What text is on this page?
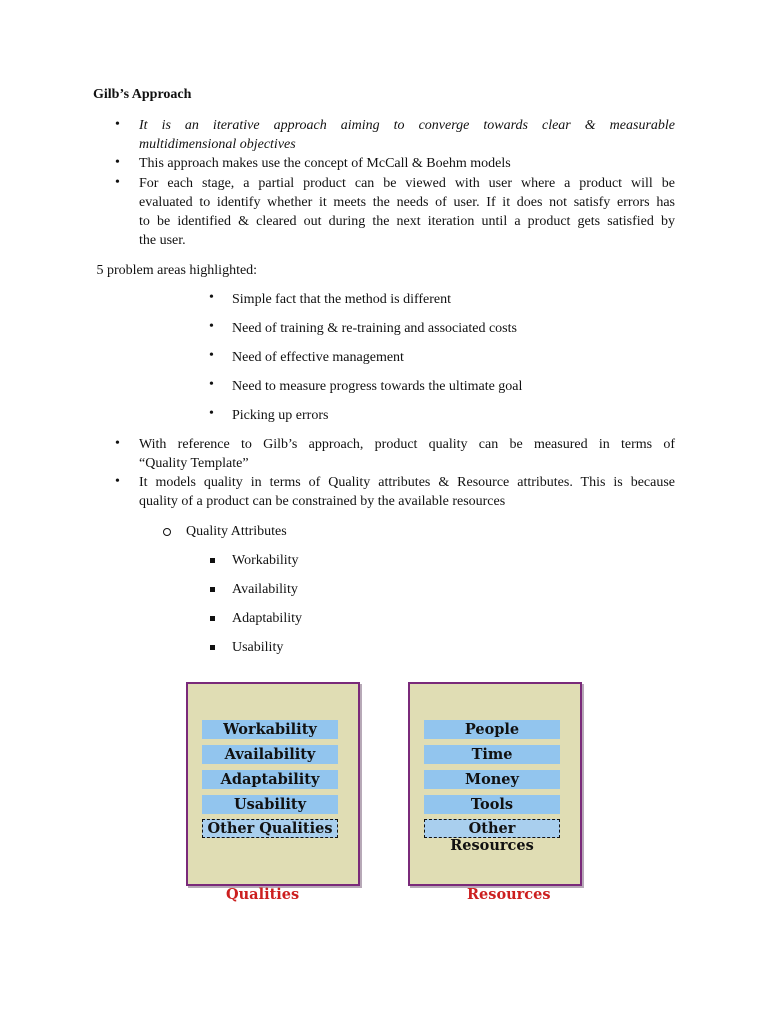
Gilb’s Approach
• It is an iterative approach aiming to converge towards clear & measurable
multidimensional objectives
• This approach makes use the concept of McCall & Boehm models
• For each stage, a partial product can be viewed with user where a product will be
evaluated to identify whether it meets the needs of user. If it does not satisfy errors has
to be identified & cleared out during the next iteration until a product gets satisfied by
the user.
5 problem areas highlighted:
• Simple fact that the method is different
• Need of training & re-training and associated costs
• Need of effective management
• Need to measure progress towards the ultimate goal
• Picking up errors
• With reference to Gilb’s approach, product quality can be measured in terms of
“Quality Template”
• It models quality in terms of Quality attributes & Resource attributes. This is because
quality of a product can be constrained by the available resources
Quality Attributes
Workability
Availability
Adaptability
Usability
Workability
Availability
Adaptability
Usability
Other Qualities
Qualities
People
Time
Money
Tools
Other Resources
Resources
